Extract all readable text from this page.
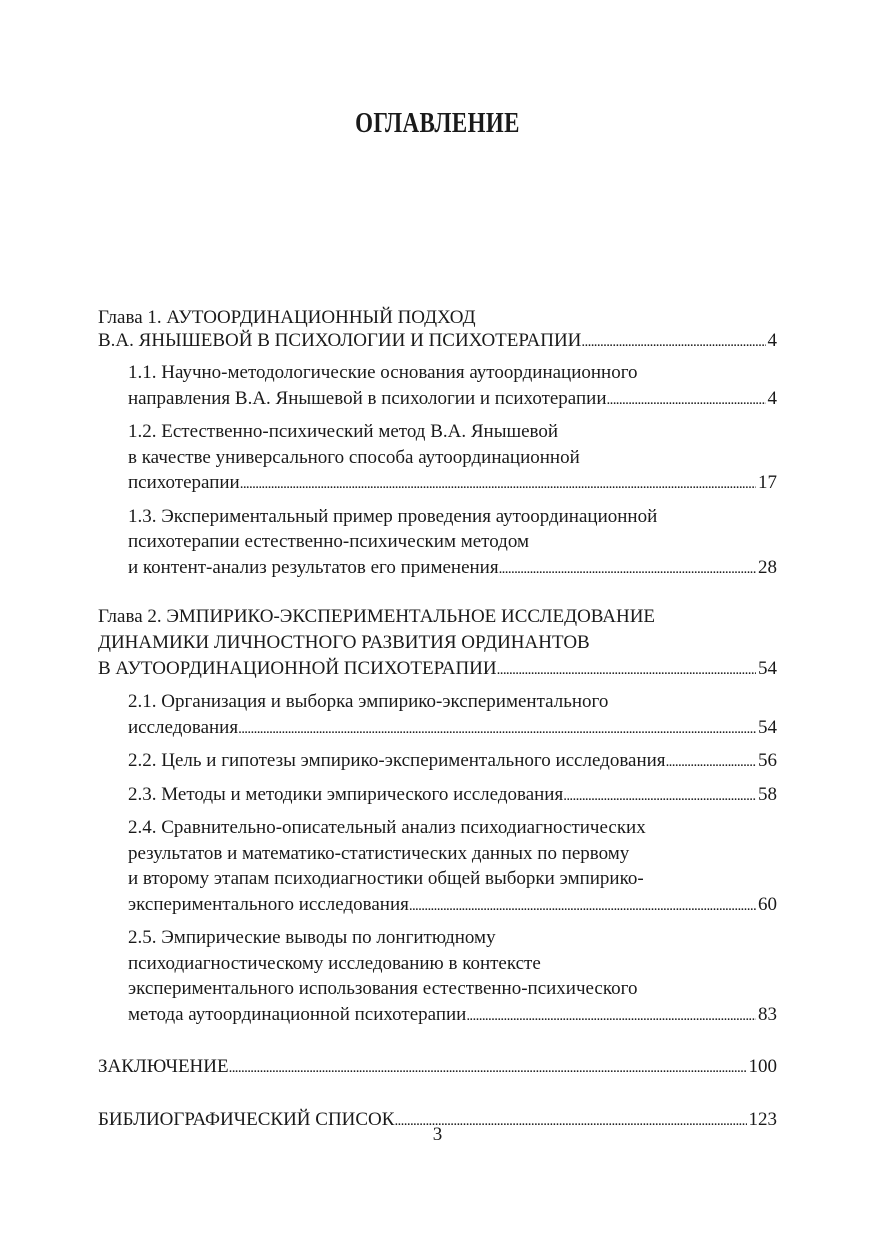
ОГЛАВЛЕНИЕ
Глава 1. АУТООРДИНАЦИОННЫЙ ПОДХОД
В.А. ЯНЫШЕВОЙ В ПСИХОЛОГИИ И ПСИХОТЕРАПИИ . . .	4
1.1. Научно-методологические основания аутоординационного
направления В.А. Янышевой в психологии и психотерапии . . .	4
1.2. Естественно-психический метод В.А. Янышевой
в качестве универсального способа аутоординационной
психотерапии . . .	17
1.3. Экспериментальный пример проведения аутоординационной
психотерапии естественно-психическим методом
и контент-анализ результатов его применения . . .	28
Глава 2. ЭМПИРИКО-ЭКСПЕРИМЕНТАЛЬНОЕ ИССЛЕДОВАНИЕ
ДИНАМИКИ ЛИЧНОСТНОГО РАЗВИТИЯ ОРДИНАНТОВ
В АУТООРДИНАЦИОННОЙ ПСИХОТЕРАПИИ . . .	54
2.1. Организация и выборка эмпирико-экспериментального
исследования . . .	54
2.2. Цель и гипотезы эмпирико-экспериментального исследования . . .	56
2.3. Методы и методики эмпирического исследования . . .	58
2.4. Сравнительно-описательный анализ психодиагностических
результатов и математико-статистических данных по первому
и второму этапам психодиагностики общей выборки эмпирико-
экспериментального исследования . . .	60
2.5. Эмпирические выводы по лонгитюдному
психодиагностическому исследованию в контексте
экспериментального использования естественно-психического
метода аутоординационной психотерапии . . .	83
ЗАКЛЮЧЕНИЕ . . .	100
БИБЛИОГРАФИЧЕСКИЙ СПИСОК . . .	123
3
